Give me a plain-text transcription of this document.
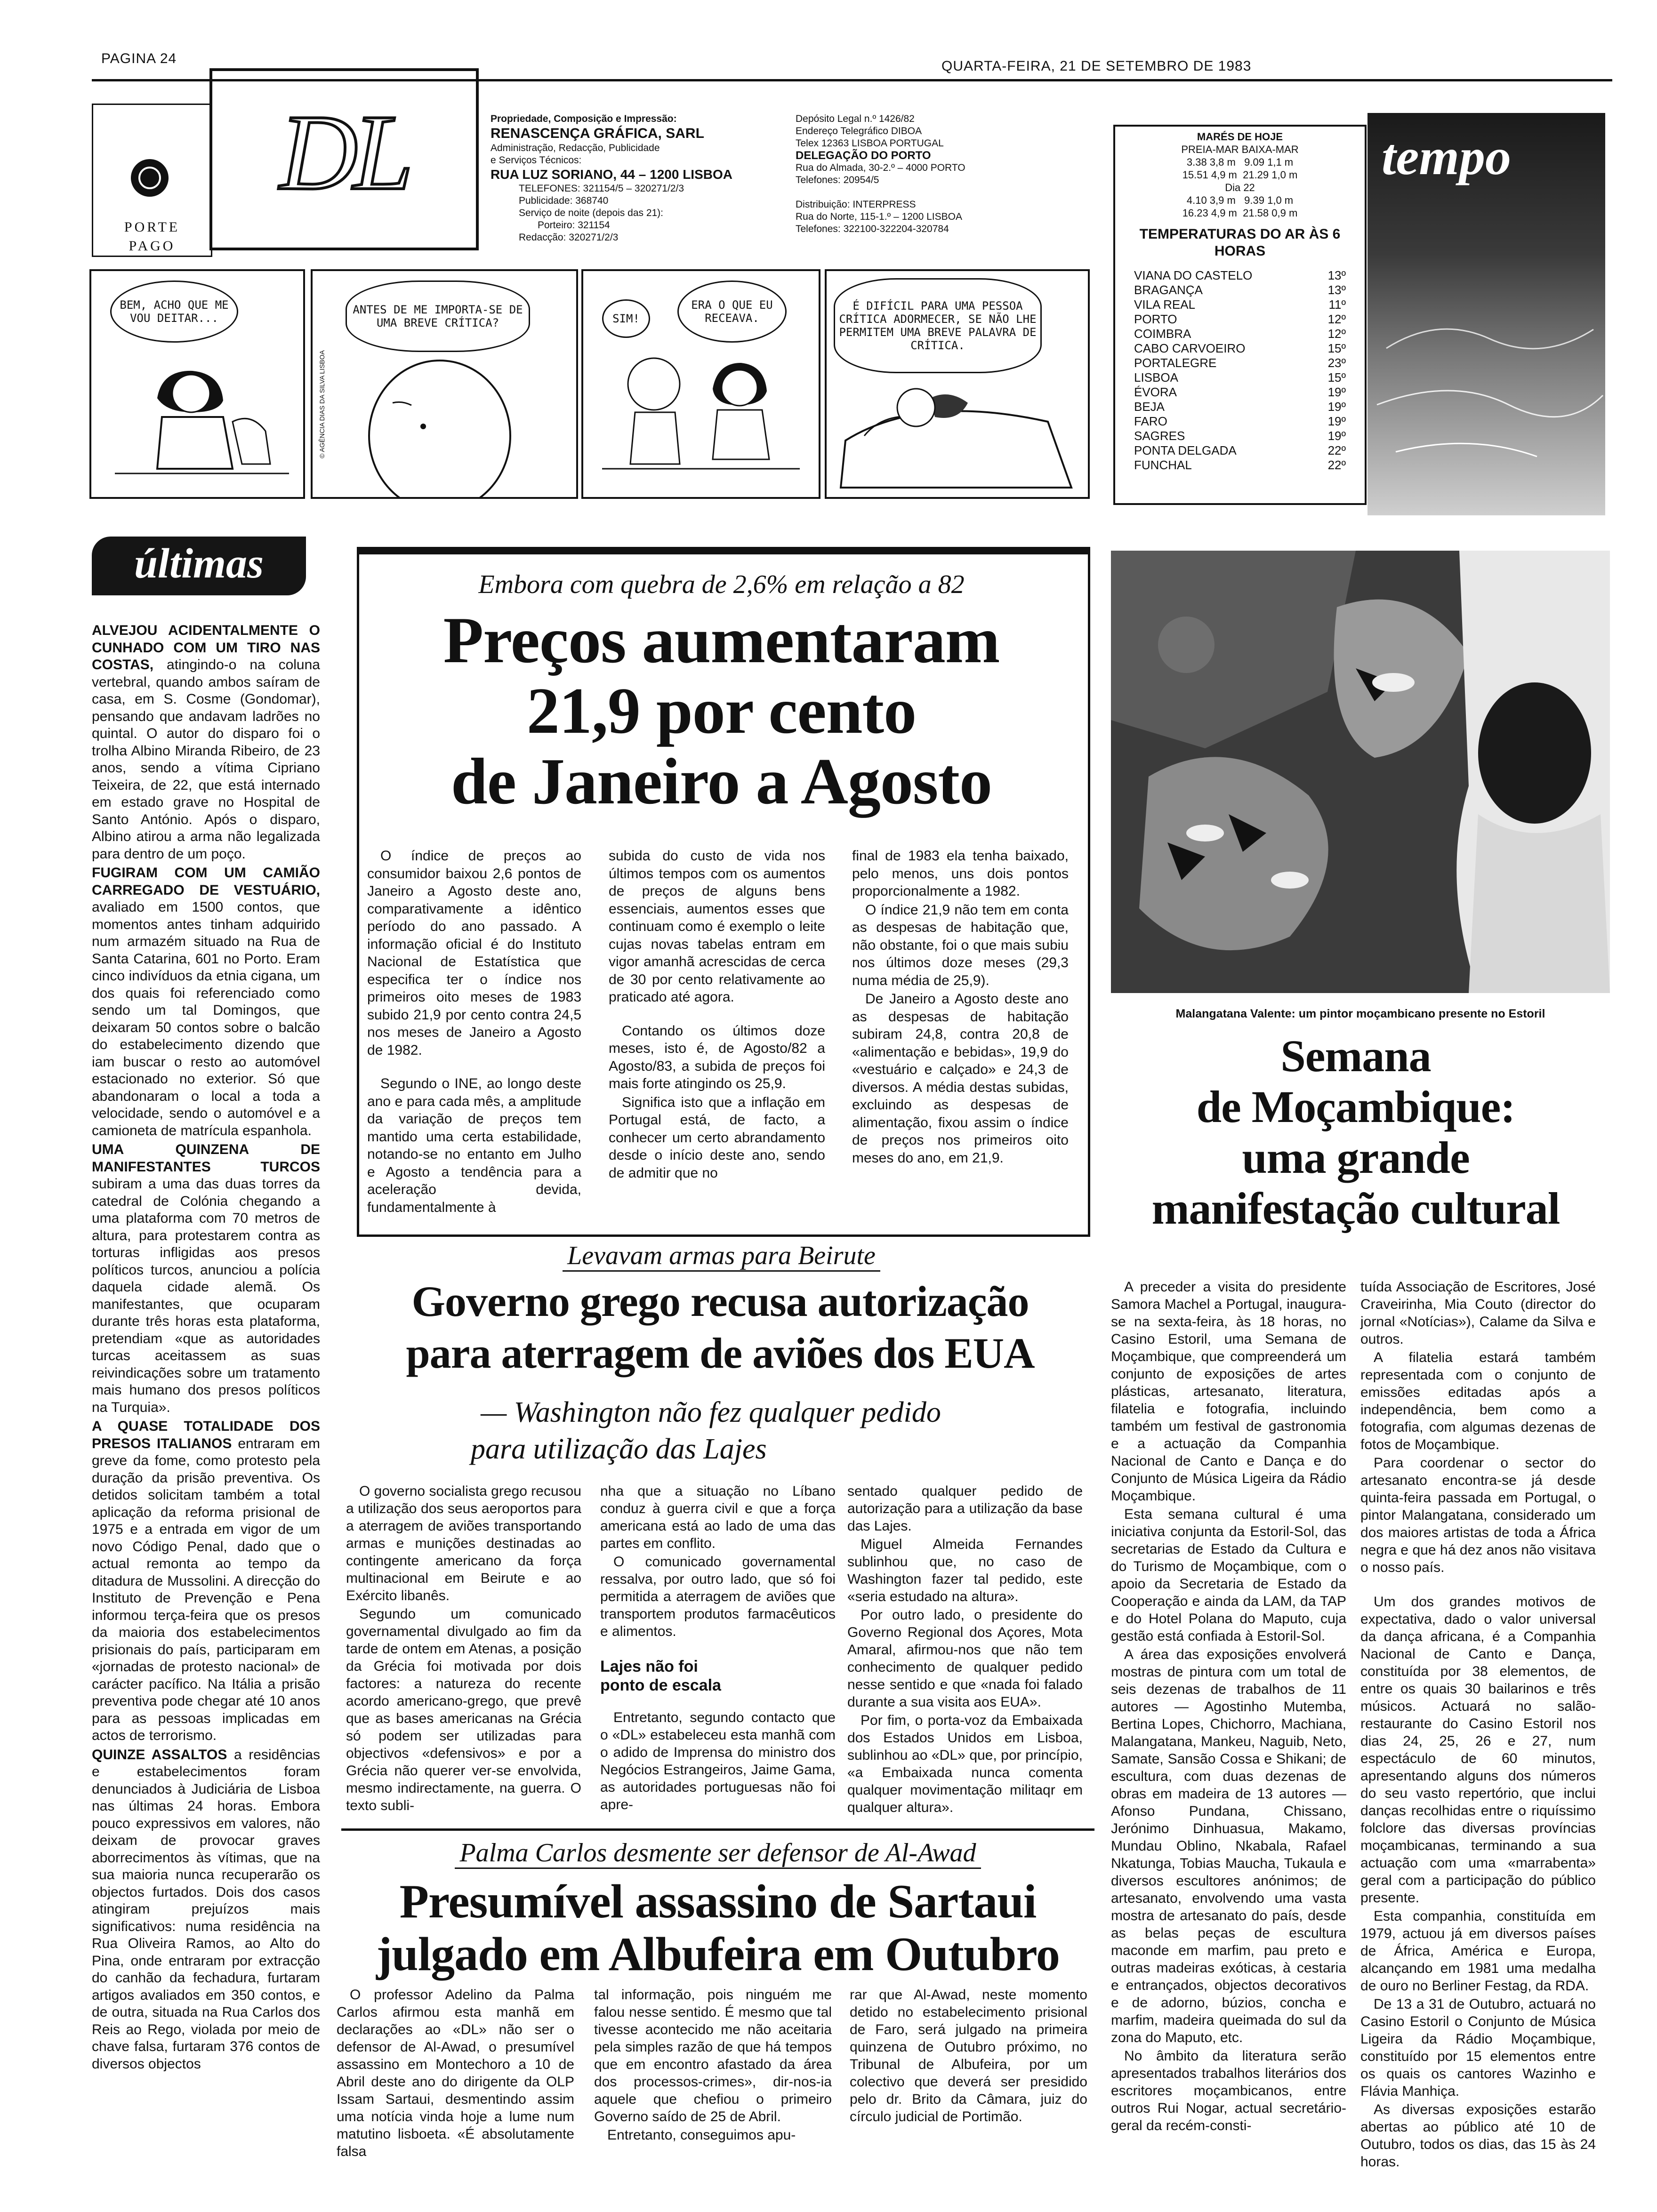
PAGINA 24	QUARTA-FEIRA, 21 DE SETEMBRO DE 1983
PORTE PAGO
DL	Propriedade, Composição e Impressão:
RENASCENÇA GRÁFICA, SARL
Administração, Redacção, Publicidade
e Serviços Técnicos:
RUA LUZ SORIANO, 44 – 1200 LISBOA
TELEFONES: 321154/5 – 320271/2/3
Publicidade: 368740
Serviço de noite (depois das 21):
Porteiro: 321154
Redacção: 320271/2/3
Depósito Legal n.º 1426/82
Endereço Telegráfico DIBOA
Telex 12363 LISBOA PORTUGAL
DELEGAÇÃO DO PORTO
Rua do Almada, 30-2.º – 4000 PORTO
Telefones: 20954/5
Distribuição: INTERPRESS
Rua do Norte, 115-1.º – 1200 LISBOA
Telefones: 322100-322204-320784
BEM, ACHO QUE ME VOU DEITAR...
© AGÊNCIA DIAS DA SILVA LISBOA
ANTES DE ME IMPORTA-SE DE UMA BREVE CRÍTICA?	SIM!
ERA O QUE EU RECEAVA.
É DIFÍCIL PARA UMA PESSOA CRÍTICA ADORMECER, SE NÃO LHE PERMITEM UMA BREVE PALAVRA DE CRÍTICA.
MARÉS DE HOJE
PREIA-MAR BAIXA-MAR
3.38 3,8 m   9.09 1,1 m
15.51 4,9 m  21.29 1,0 m
Dia 22
4.10 3,9 m   9.39 1,0 m
16.23 4,9 m  21.58 0,9 m
TEMPERATURAS DO AR ÀS 6 HORAS
VIANA DO CASTELO	13º
BRAGANÇA	13º
VILA REAL	11º
PORTO	12º
COIMBRA	12º
CABO CARVOEIRO	15º
PORTALEGRE	23º
LISBOA	15º
ÉVORA	19º
BEJA	19º
FARO	19º
SAGRES	19º
PONTA DELGADA	22º
FUNCHAL	22º
tempo
últimas

ALVEJOU ACIDENTALMENTE O CUNHADO COM UM TIRO NAS COSTAS, atingindo-o na coluna vertebral, quando ambos saíram de casa, em S. Cosme (Gondomar), pensando que andavam ladrões no quintal. O autor do disparo foi o trolha Albino Miranda Ribeiro, de 23 anos, sendo a vítima Cipriano Teixeira, de 22, que está internado em estado grave no Hospital de Santo António. Após o disparo, Albino atirou a arma não legalizada para dentro de um poço.

FUGIRAM COM UM CAMIÃO CARREGADO DE VESTUÁRIO, avaliado em 1500 contos, que momentos antes tinham adquirido num armazém situado na Rua de Santa Catarina, 601 no Porto. Eram cinco indivíduos da etnia cigana, um dos quais foi referenciado como sendo um tal Domingos, que deixaram 50 contos sobre o balcão do estabelecimento dizendo que iam buscar o resto ao automóvel estacionado no exterior. Só que abandonaram o local a toda a velocidade, sendo o automóvel e a camioneta de matrícula espanhola.

UMA QUINZENA DE MANIFESTANTES TURCOS subiram a uma das duas torres da catedral de Colónia chegando a uma plataforma com 70 metros de altura, para protestarem contra as torturas infligidas aos presos políticos turcos, anunciou a polícia daquela cidade alemã. Os manifestantes, que ocuparam durante três horas esta plataforma, pretendiam «que as autoridades turcas aceitassem as suas reivindicações sobre um tratamento mais humano dos presos políticos na Turquia».

A QUASE TOTALIDADE DOS PRESOS ITALIANOS entraram em greve da fome, como protesto pela duração da prisão preventiva. Os detidos solicitam também a total aplicação da reforma prisional de 1975 e a entrada em vigor de um novo Código Penal, dado que o actual remonta ao tempo da ditadura de Mussolini. A direcção do Instituto de Prevenção e Pena informou terça-feira que os presos da maioria dos estabelecimentos prisionais do país, participaram em «jornadas de protesto nacional» de carácter pacífico. Na Itália a prisão preventiva pode chegar até 10 anos para as pessoas implicadas em actos de terrorismo.

QUINZE ASSALTOS a residências e estabelecimentos foram denunciados à Judiciária de Lisboa nas últimas 24 horas. Embora pouco expressivos em valores, não deixam de provocar graves aborrecimentos às vítimas, que na sua maioria nunca recuperarão os objectos furtados. Dois dos casos atingiram prejuízos mais significativos: numa residência na Rua Oliveira Ramos, ao Alto do Pina, onde entraram por extracção do canhão da fechadura, furtaram artigos avaliados em 350 contos, e de outra, situada na Rua Carlos dos Reis ao Rego, violada por meio de chave falsa, furtaram 376 contos de diversos objectos

Embora com quebra de 2,6% em relação a 82
Preços aumentaram
21,9 por cento
de Janeiro a Agosto

O índice de preços ao consumidor baixou 2,6 pontos de Janeiro a Agosto deste ano, comparativamente a idêntico período do ano passado. A informação oficial é do Instituto Nacional de Estatística que especifica ter o índice nos primeiros oito meses de 1983 subido 21,9 por cento contra 24,5 nos meses de Janeiro a Agosto de 1982.

Segundo o INE, ao longo deste ano e para cada mês, a amplitude da variação de preços tem mantido uma certa estabilidade, notando-se no entanto em Julho e Agosto a tendência para a aceleração devida, fundamentalmente à

subida do custo de vida nos últimos tempos com os aumentos de preços de alguns bens essenciais, aumentos esses que continuam como é exemplo o leite cujas novas tabelas entram em vigor amanhã acrescidas de cerca de 30 por cento relativamente ao praticado até agora.

Contando os últimos doze meses, isto é, de Agosto/82 a Agosto/83, a subida de preços foi mais forte atingindo os 25,9.

Significa isto que a inflação em Portugal está, de facto, a conhecer um certo abrandamento desde o início deste ano, sendo de admitir que no

final de 1983 ela tenha baixado, pelo menos, uns dois pontos proporcionalmente a 1982.

O índice 21,9 não tem em conta as despesas de habitação que, não obstante, foi o que mais subiu nos últimos doze meses (29,3 numa média de 25,9).

De Janeiro a Agosto deste ano as despesas de habitação subiram 24,8, contra 20,8 de «alimentação e bebidas», 19,9 do «vestuário e calçado» e 24,3 de diversos. A média destas subidas, excluindo as despesas de alimentação, fixou assim o índice de preços nos primeiros oito meses do ano, em 21,9.

Levavam armas para Beirute
Governo grego recusa autorização
para aterragem de aviões dos EUA
— Washington não fez qualquer pedido
para utilização das Lajes

O governo socialista grego recusou a utilização dos seus aeroportos para a aterragem de aviões transportando armas e munições destinadas ao contingente americano da força multinacional em Beirute e ao Exército libanês.

Segundo um comunicado governamental divulgado ao fim da tarde de ontem em Atenas, a posição da Grécia foi motivada por dois factores: a natureza do recente acordo americano-grego, que prevê que as bases americanas na Grécia só podem ser utilizadas para objectivos «defensivos» e por a Grécia não querer ver-se envolvida, mesmo indirectamente, na guerra. O texto subli-

nha que a situação no Líbano conduz à guerra civil e que a força americana está ao lado de uma das partes em conflito.

O comunicado governamental ressalva, por outro lado, que só foi permitida a aterragem de aviões que transportem produtos farmacêuticos e alimentos.

Lajes não foi ponto de escala

Entretanto, segundo contacto que o «DL» estabeleceu esta manhã com o adido de Imprensa do ministro dos Negócios Estrangeiros, Jaime Gama, as autoridades portuguesas não foi apre-

sentado qualquer pedido de autorização para a utilização da base das Lajes.

Miguel Almeida Fernandes sublinhou que, no caso de Washington fazer tal pedido, este «seria estudado na altura».

Por outro lado, o presidente do Governo Regional dos Açores, Mota Amaral, afirmou-nos que não tem conhecimento de qualquer pedido nesse sentido e que «nada foi falado durante a sua visita aos EUA».

Por fim, o porta-voz da Embaixada dos Estados Unidos em Lisboa, sublinhou ao «DL» que, por princípio, «a Embaixada nunca comenta qualquer movimentação militaqr em qualquer altura».

Palma Carlos desmente ser defensor de Al-Awad
Presumível assassino de Sartaui
julgado em Albufeira em Outubro

O professor Adelino da Palma Carlos afirmou esta manhã em declarações ao «DL» não ser o defensor de Al-Awad, o presumível assassino em Montechoro a 10 de Abril deste ano do dirigente da OLP Issam Sartaui, desmentindo assim uma notícia vinda hoje a lume num matutino lisboeta. «É absolutamente falsa

tal informação, pois ninguém me falou nesse sentido. É mesmo que tal tivesse acontecido me não aceitaria pela simples razão de que há tempos que em encontro afastado da área dos processos-crimes», dir-nos-ia aquele que chefiou o primeiro Governo saído de 25 de Abril.

Entretanto, conseguimos apu-

rar que Al-Awad, neste momento detido no estabelecimento prisional de Faro, será julgado na primeira quinzena de Outubro próximo, no Tribunal de Albufeira, por um colectivo que deverá ser presidido pelo dr. Brito da Câmara, juiz do círculo judicial de Portimão.

Malangatana Valente: um pintor moçambicano presente no Estoril
Semana
de Moçambique:
uma grande
manifestação cultural

A preceder a visita do presidente Samora Machel a Portugal, inaugura-se na sexta-feira, às 18 horas, no Casino Estoril, uma Semana de Moçambique, que compreenderá um conjunto de exposições de artes plásticas, artesanato, literatura, filatelia e fotografia, incluindo também um festival de gastronomia e a actuação da Companhia Nacional de Canto e Dança e do Conjunto de Música Ligeira da Rádio Moçambique.

Esta semana cultural é uma iniciativa conjunta da Estoril-Sol, das secretarias de Estado da Cultura e do Turismo de Moçambique, com o apoio da Secretaria de Estado da Cooperação e ainda da LAM, da TAP e do Hotel Polana do Maputo, cuja gestão está confiada à Estoril-Sol.

A área das exposições envolverá mostras de pintura com um total de seis dezenas de trabalhos de 11 autores — Agostinho Mutemba, Bertina Lopes, Chichorro, Machiana, Malangatana, Mankeu, Naguib, Neto, Samate, Sansão Cossa e Shikani; de escultura, com duas dezenas de obras em madeira de 13 autores — Afonso Pundana, Chissano, Jerónimo Dinhuasua, Makamo, Mundau Oblino, Nkabala, Rafael Nkatunga, Tobias Maucha, Tukaula e diversos escultores anónimos; de artesanato, envolvendo uma vasta mostra de artesanato do país, desde as belas peças de escultura maconde em marfim, pau preto e outras madeiras exóticas, à cestaria e entrançados, objectos decorativos e de adorno, búzios, concha e marfim, madeira queimada do sul da zona do Maputo, etc.

No âmbito da literatura serão apresentados trabalhos literários dos escritores moçambicanos, entre outros Rui Nogar, actual secretário-geral da recém-consti-

tuída Associação de Escritores, José Craveirinha, Mia Couto (director do jornal «Notícias»), Calame da Silva e outros.

A filatelia estará também representada com o conjunto de emissões editadas após a independência, bem como a fotografia, com algumas dezenas de fotos de Moçambique.

Para coordenar o sector do artesanato encontra-se já desde quinta-feira passada em Portugal, o pintor Malangatana, considerado um dos maiores artistas de toda a África negra e que há dez anos não visitava o nosso país.

Um dos grandes motivos de expectativa, dado o valor universal da dança africana, é a Companhia Nacional de Canto e Dança, constituída por 38 elementos, de entre os quais 30 bailarinos e três músicos. Actuará no salão-restaurante do Casino Estoril nos dias 24, 25, 26 e 27, num espectáculo de 60 minutos, apresentando alguns dos números do seu vasto repertório, que inclui danças recolhidas entre o riquíssimo folclore das diversas províncias moçambicanas, terminando a sua actuação com uma «marrabenta» geral com a participação do público presente.

Esta companhia, constituída em 1979, actuou já em diversos países de África, América e Europa, alcançando em 1981 uma medalha de ouro no Berliner Festag, da RDA.

De 13 a 31 de Outubro, actuará no Casino Estoril o Conjunto de Música Ligeira da Rádio Moçambique, constituído por 15 elementos entre os quais os cantores Wazinho e Flávia Manhiça.

As diversas exposições estarão abertas ao público até 10 de Outubro, todos os dias, das 15 às 24 horas.
